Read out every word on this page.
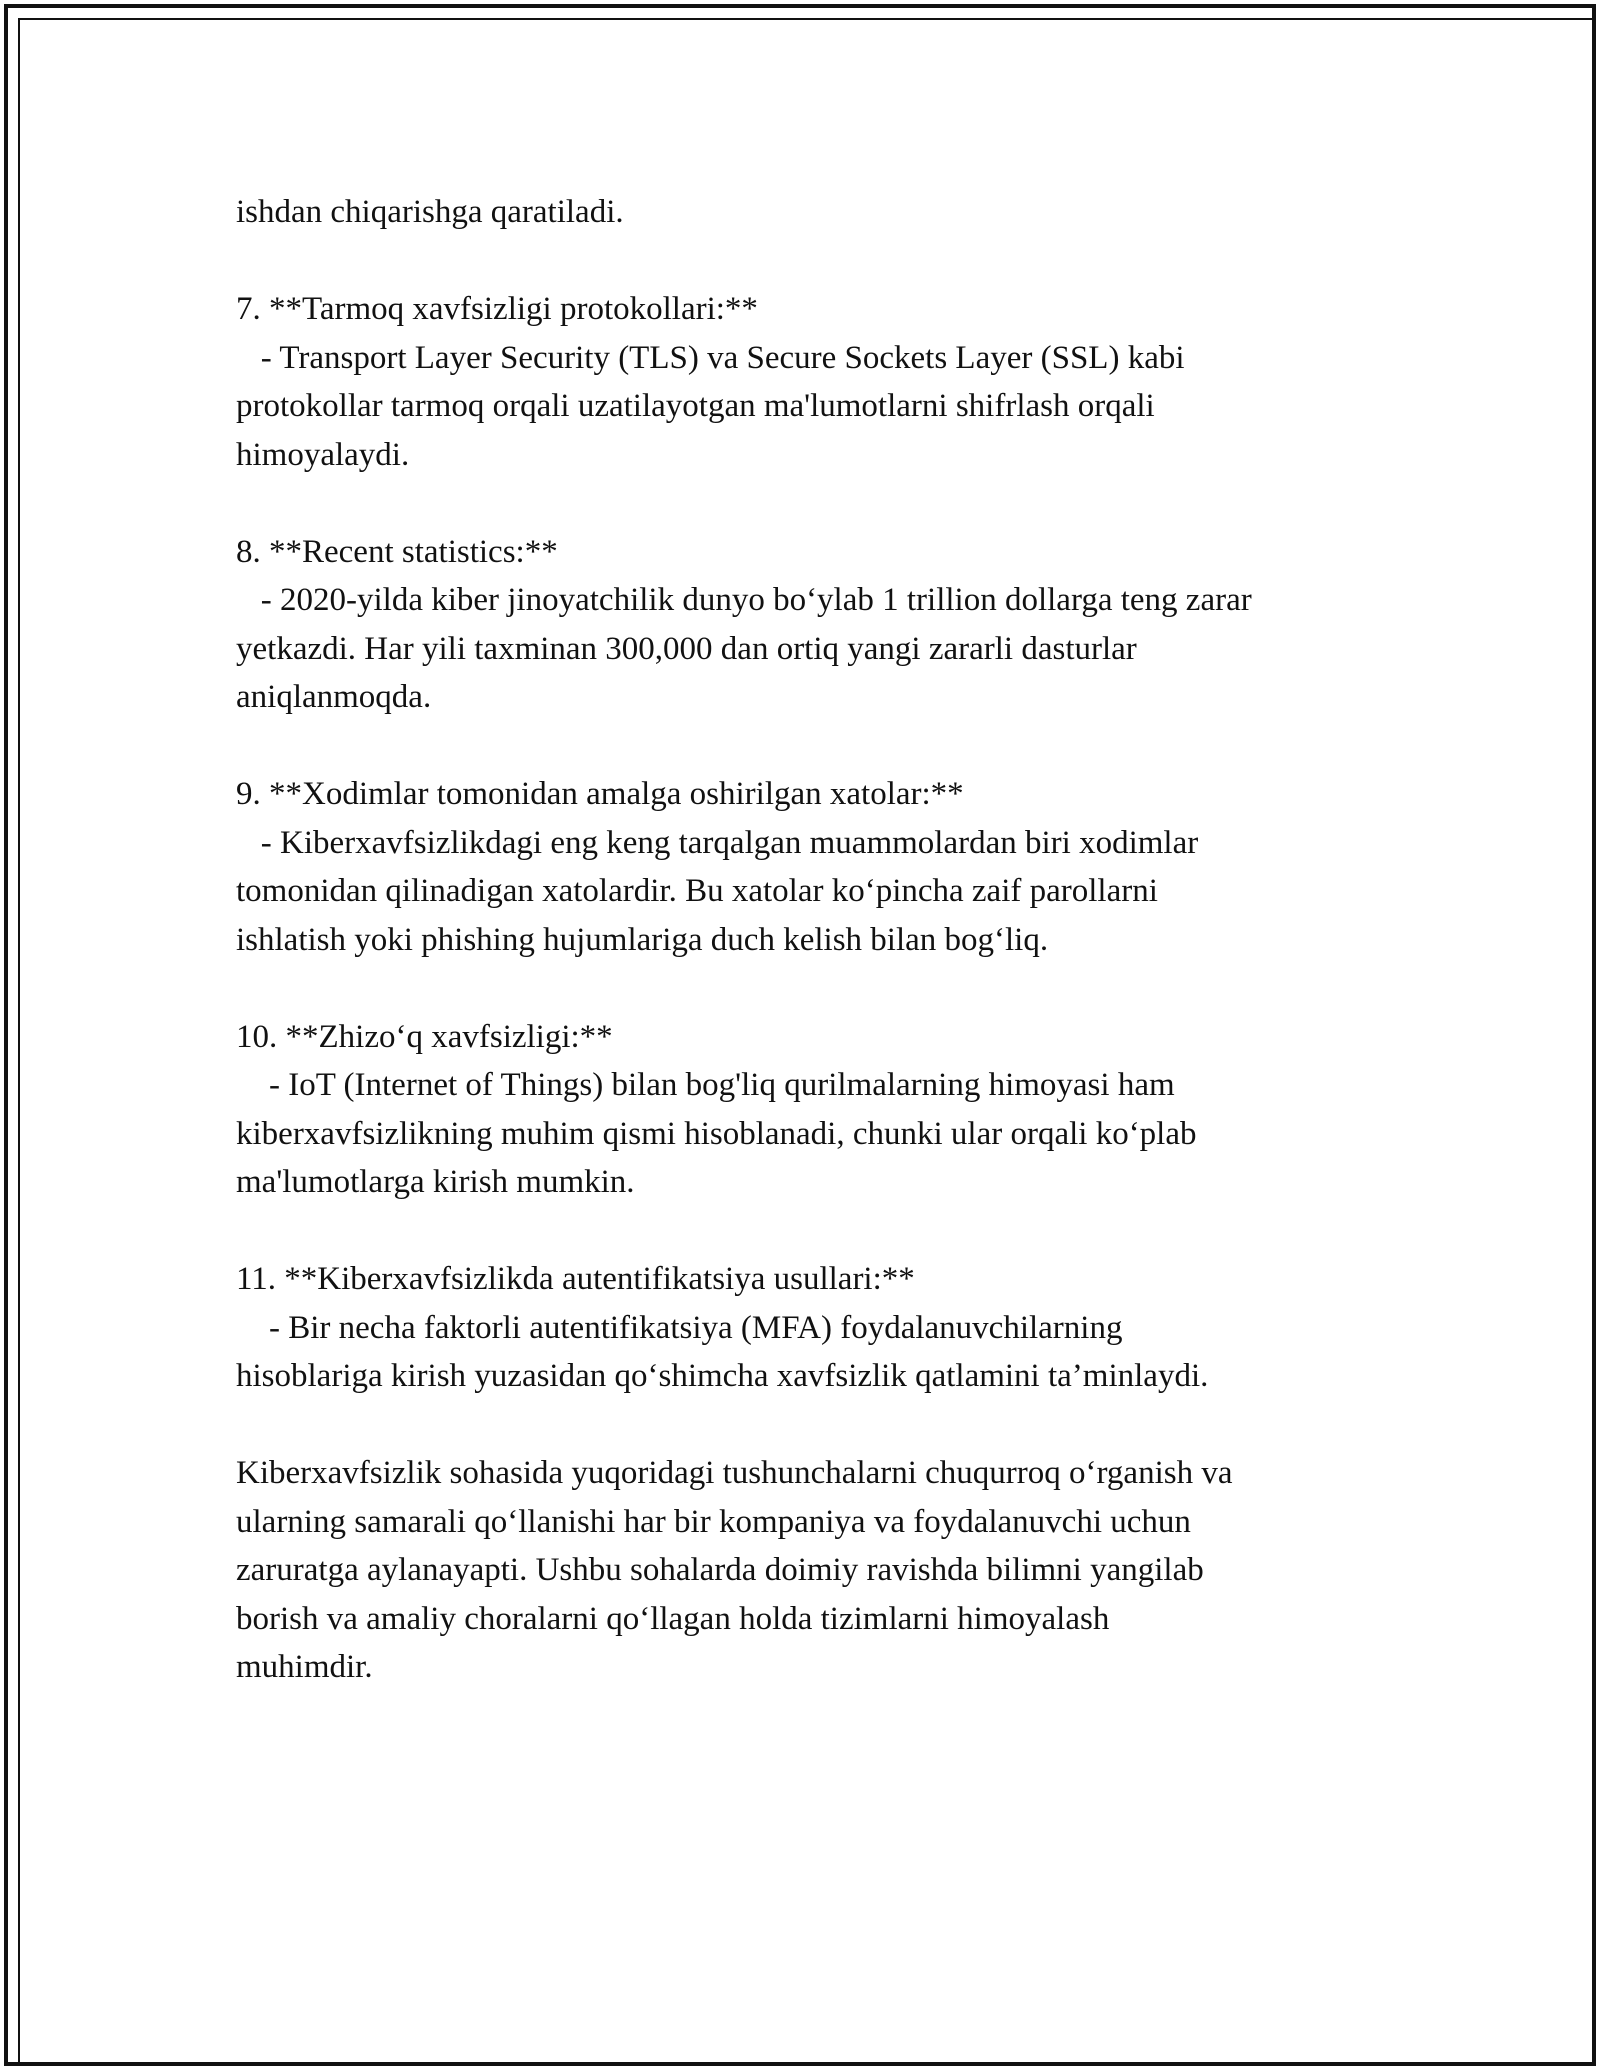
ishdan chiqarishga qaratiladi.
7. **Tarmoq xavfsizligi protokollari:**
- Transport Layer Security (TLS) va Secure Sockets Layer (SSL) kabi
protokollar tarmoq orqali uzatilayotgan ma'lumotlarni shifrlash orqali
himoyalaydi.
8. **Recent statistics:**
- 2020-yilda kiber jinoyatchilik dunyo bo‘ylab 1 trillion dollarga teng zarar
yetkazdi. Har yili taxminan 300,000 dan ortiq yangi zararli dasturlar
aniqlanmoqda.
9. **Xodimlar tomonidan amalga oshirilgan xatolar:**
- Kiberxavfsizlikdagi eng keng tarqalgan muammolardan biri xodimlar
tomonidan qilinadigan xatolardir. Bu xatolar ko‘pincha zaif parollarni
ishlatish yoki phishing hujumlariga duch kelish bilan bog‘liq.
10. **Zhizo‘q xavfsizligi:**
- IoT (Internet of Things) bilan bog'liq qurilmalarning himoyasi ham
kiberxavfsizlikning muhim qismi hisoblanadi, chunki ular orqali ko‘plab
ma'lumotlarga kirish mumkin.
11. **Kiberxavfsizlikda autentifikatsiya usullari:**
- Bir necha faktorli autentifikatsiya (MFA) foydalanuvchilarning
hisoblariga kirish yuzasidan qo‘shimcha xavfsizlik qatlamini ta’minlaydi.
Kiberxavfsizlik sohasida yuqoridagi tushunchalarni chuqurroq o‘rganish va
ularning samarali qo‘llanishi har bir kompaniya va foydalanuvchi uchun
zaruratga aylanayapti. Ushbu sohalarda doimiy ravishda bilimni yangilab
borish va amaliy choralarni qo‘llagan holda tizimlarni himoyalash
muhimdir.
